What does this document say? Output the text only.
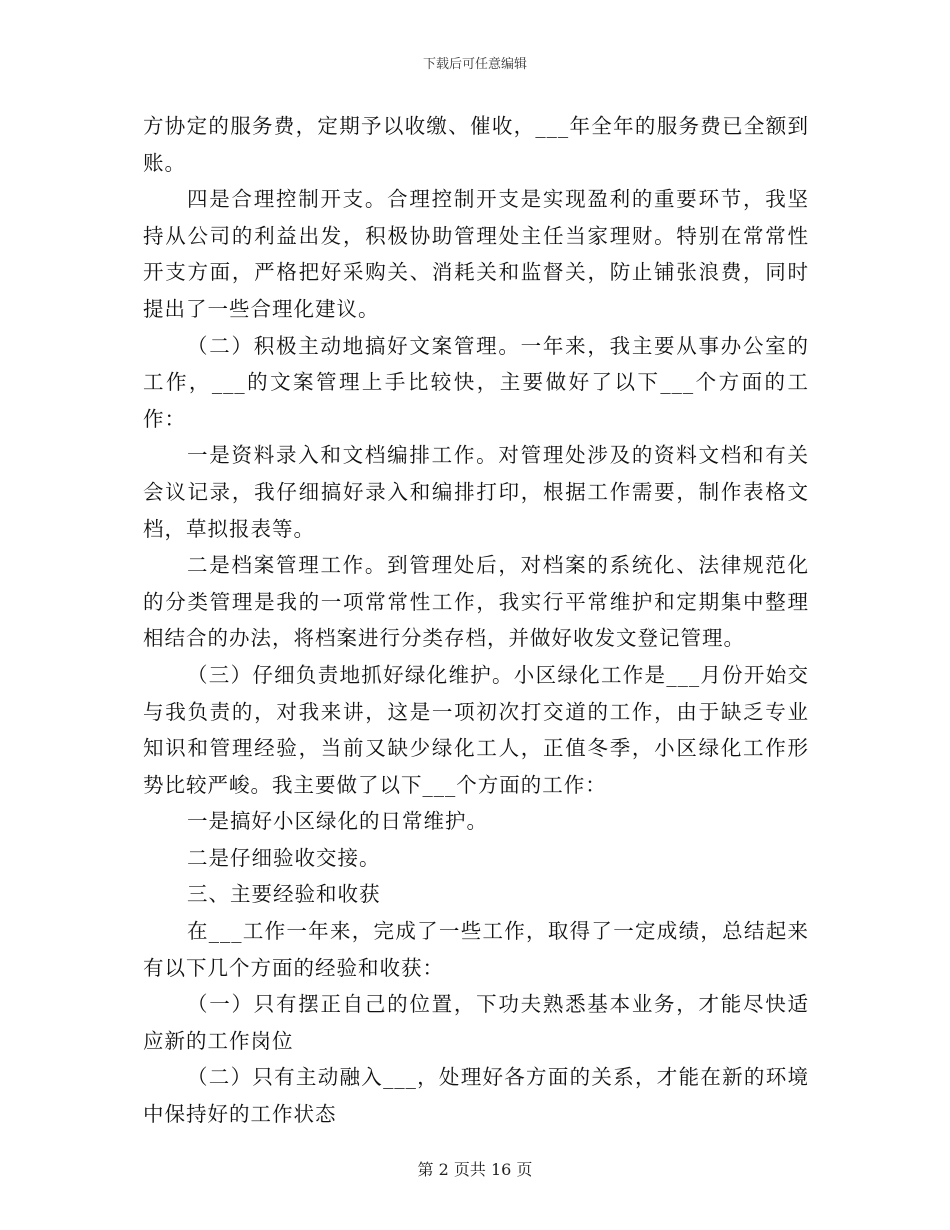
下载后可任意编辑

方协定的服务费，定期予以收缴、催收，___年全年的服务费已全额到账。

四是合理控制开支。合理控制开支是实现盈利的重要环节，我坚持从公司的利益出发，积极协助管理处主任当家理财。特别在常常性开支方面，严格把好采购关、消耗关和监督关，防止铺张浪费，同时提出了一些合理化建议。

（二）积极主动地搞好文案管理。一年来，我主要从事办公室的工作，___的文案管理上手比较快，主要做好了以下___个方面的工作：

一是资料录入和文档编排工作。对管理处涉及的资料文档和有关会议记录，我仔细搞好录入和编排打印，根据工作需要，制作表格文档，草拟报表等。

二是档案管理工作。到管理处后，对档案的系统化、法律规范化的分类管理是我的一项常常性工作，我实行平常维护和定期集中整理相结合的办法，将档案进行分类存档，并做好收发文登记管理。

（三）仔细负责地抓好绿化维护。小区绿化工作是___月份开始交与我负责的，对我来讲，这是一项初次打交道的工作，由于缺乏专业知识和管理经验，当前又缺少绿化工人，正值冬季，小区绿化工作形势比较严峻。我主要做了以下___个方面的工作：

一是搞好小区绿化的日常维护。

二是仔细验收交接。

三、主要经验和收获

在___工作一年来，完成了一些工作，取得了一定成绩，总结起来有以下几个方面的经验和收获：

（一）只有摆正自己的位置，下功夫熟悉基本业务，才能尽快适应新的工作岗位

（二）只有主动融入___，处理好各方面的关系，才能在新的环境中保持好的工作状态

第 2 页共 16 页
